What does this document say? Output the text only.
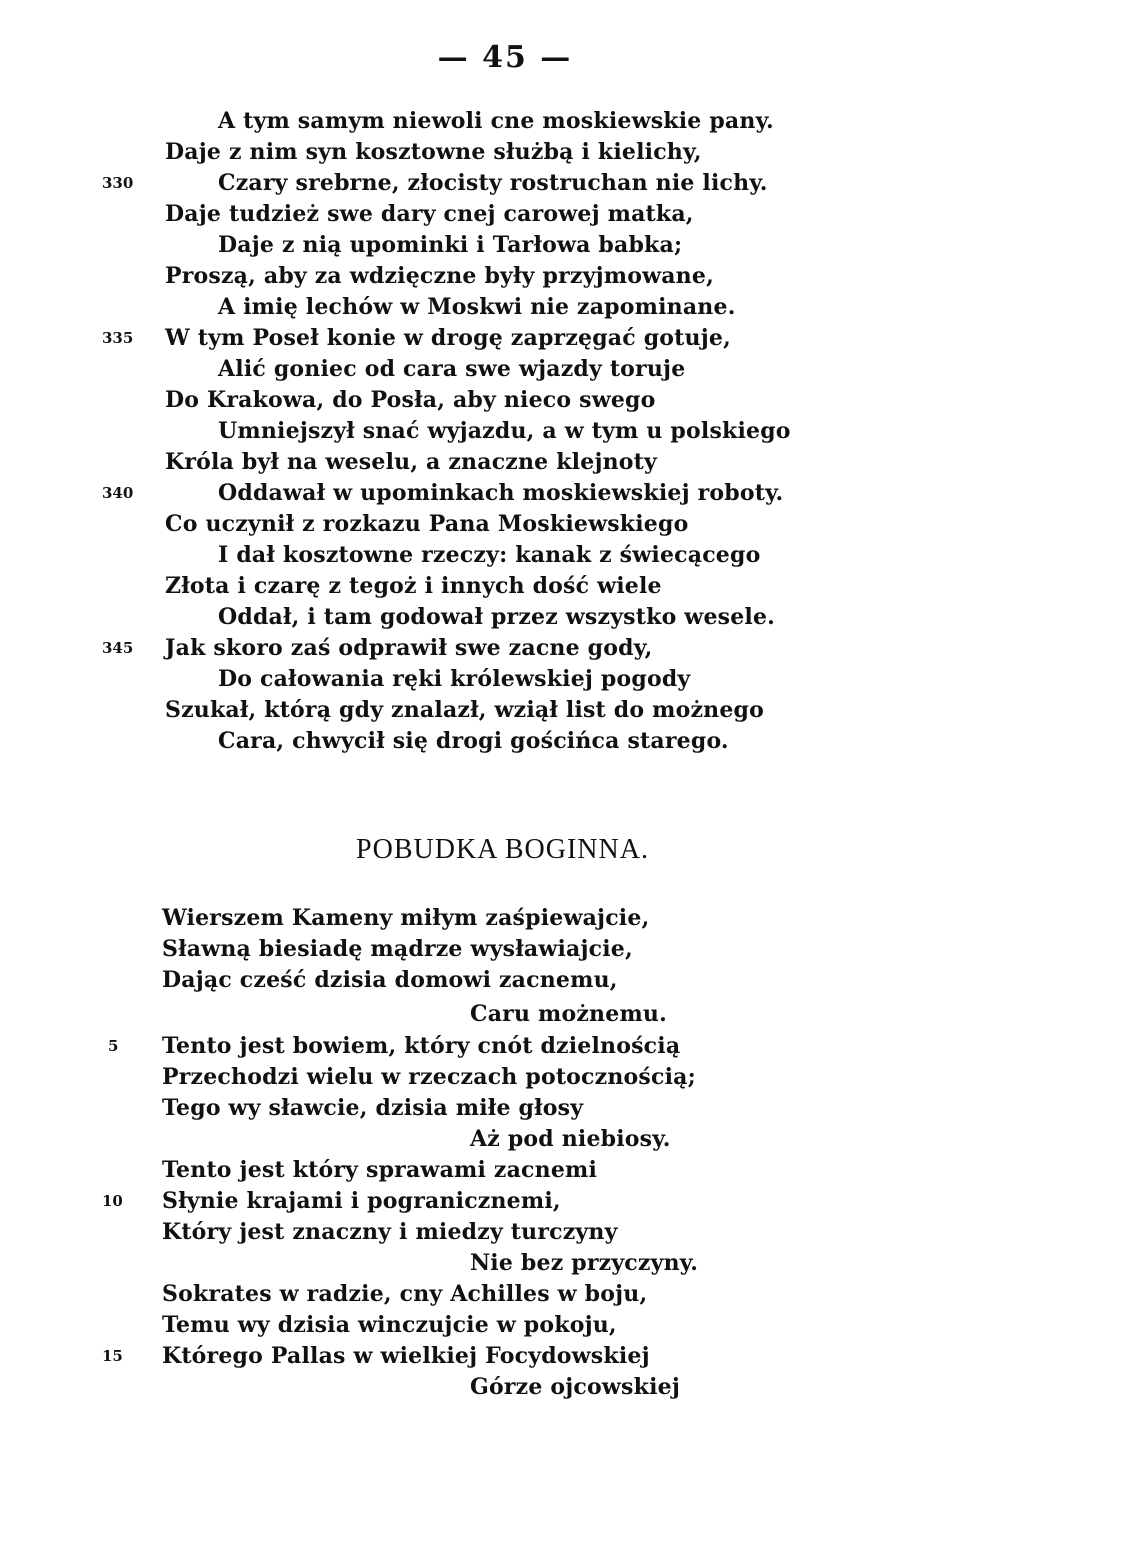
— 45 —
A tym samym niewoli cne moskiewskie pany.
Daje z nim syn kosztowne służbą i kielichy,
Czary srebrne, złocisty rostruchan nie lichy.
Daje tudzież swe dary cnej carowej matka,
Daje z nią upominki i Tarłowa babka;
Proszą, aby za wdzięczne były przyjmowane,
A imię lechów w Moskwi nie zapominane.
W tym Poseł konie w drogę zaprzęgać gotuje,
Alić goniec od cara swe wjazdy toruje
Do Krakowa, do Posła, aby nieco swego
Umniejszył snać wyjazdu, a w tym u polskiego
Króla był na weselu, a znaczne klejnoty
Oddawał w upominkach moskiewskiej roboty.
Co uczynił z rozkazu Pana Moskiewskiego
I dał kosztowne rzeczy: kanak z świecącego
Złota i czarę z tegoż i innych dość wiele
Oddał, i tam godował przez wszystko wesele.
Jak skoro zaś odprawił swe zacne gody,
Do całowania ręki królewskiej pogody
Szukał, którą gdy znalazł, wziął list do możnego
Cara, chwycił się drogi gościńca starego.
330
335
340
345
POBUDKA BOGINNA.
Wierszem Kameny miłym zaśpiewajcie,
Sławną biesiadę mądrze wysławiajcie,
Dając cześć dzisia domowi zacnemu,
Caru możnemu.
Tento jest bowiem, który cnót dzielnością
Przechodzi wielu w rzeczach potocznością;
Tego wy sławcie, dzisia miłe głosy
Aż pod niebiosy.
Tento jest który sprawami zacnemi
Słynie krajami i pogranicznemi,
Który jest znaczny i miedzy turczyny
Nie bez przyczyny.
Sokrates w radzie, cny Achilles w boju,
Temu wy dzisia winczujcie w pokoju,
Którego Pallas w wielkiej Focydowskiej
Górze ojcowskiej
5
10
15
